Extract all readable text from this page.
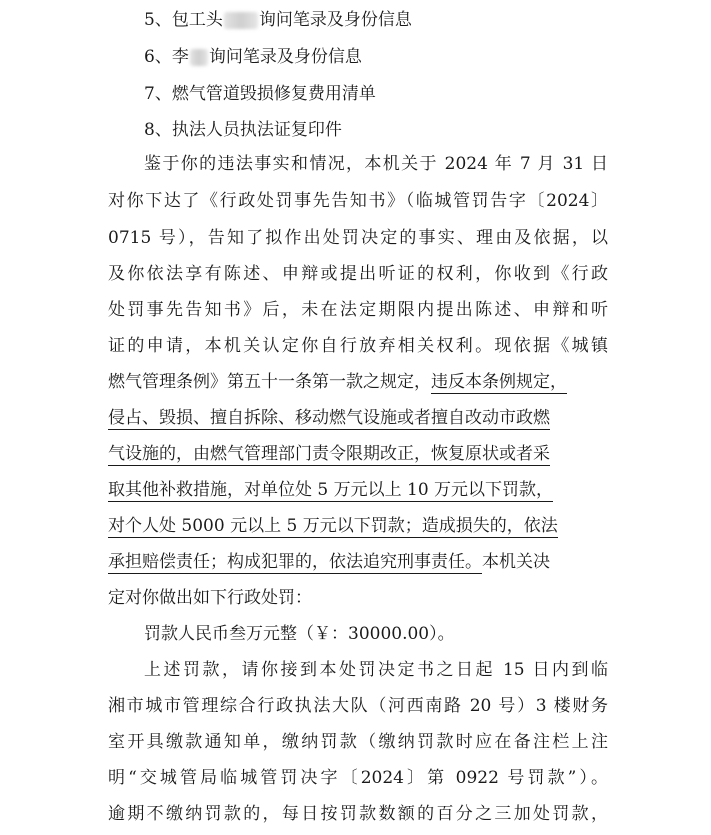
5、包工头 询问笔录及身份信息
6、李 询问笔录及身份信息
7、燃气管道毁损修复费用清单
8、执法人员执法证复印件
鉴于你的违法事实和情况，本机关于 2024 年 7 月 31 日
对你下达了《行政处罚事先告知书》（临城管罚告字〔2024〕
0715 号），告知了拟作出处罚决定的事实、理由及依据，以
及你依法享有陈述、申辩或提出听证的权利，你收到《行政
处罚事先告知书》后，未在法定期限内提出陈述、申辩和听
证的申请，本机关认定你自行放弃相关权利。现依据《城镇
燃气管理条例》第五十一条第一款之规定，违反本条例规定，
侵占、毁损、擅自拆除、移动燃气设施或者擅自改动市政燃
气设施的，由燃气管理部门责令限期改正，恢复原状或者采
取其他补救措施，对单位处 5 万元以上 10 万元以下罚款，
对个人处 5000 元以上 5 万元以下罚款；造成损失的，依法
承担赔偿责任；构成犯罪的，依法追究刑事责任。本机关决
定对你做出如下行政处罚：
罚款人民币叁万元整（￥：30000.00）。
上述罚款，请你接到本处罚决定书之日起 15 日内到临
湘市城市管理综合行政执法大队（河西南路 20 号）3 楼财务
室开具缴款通知单，缴纳罚款（缴纳罚款时应在备注栏上注
明“交城管局临城管罚决字〔2024〕第 0922 号罚款”）。
逾期不缴纳罚款的，每日按罚款数额的百分之三加处罚款，
